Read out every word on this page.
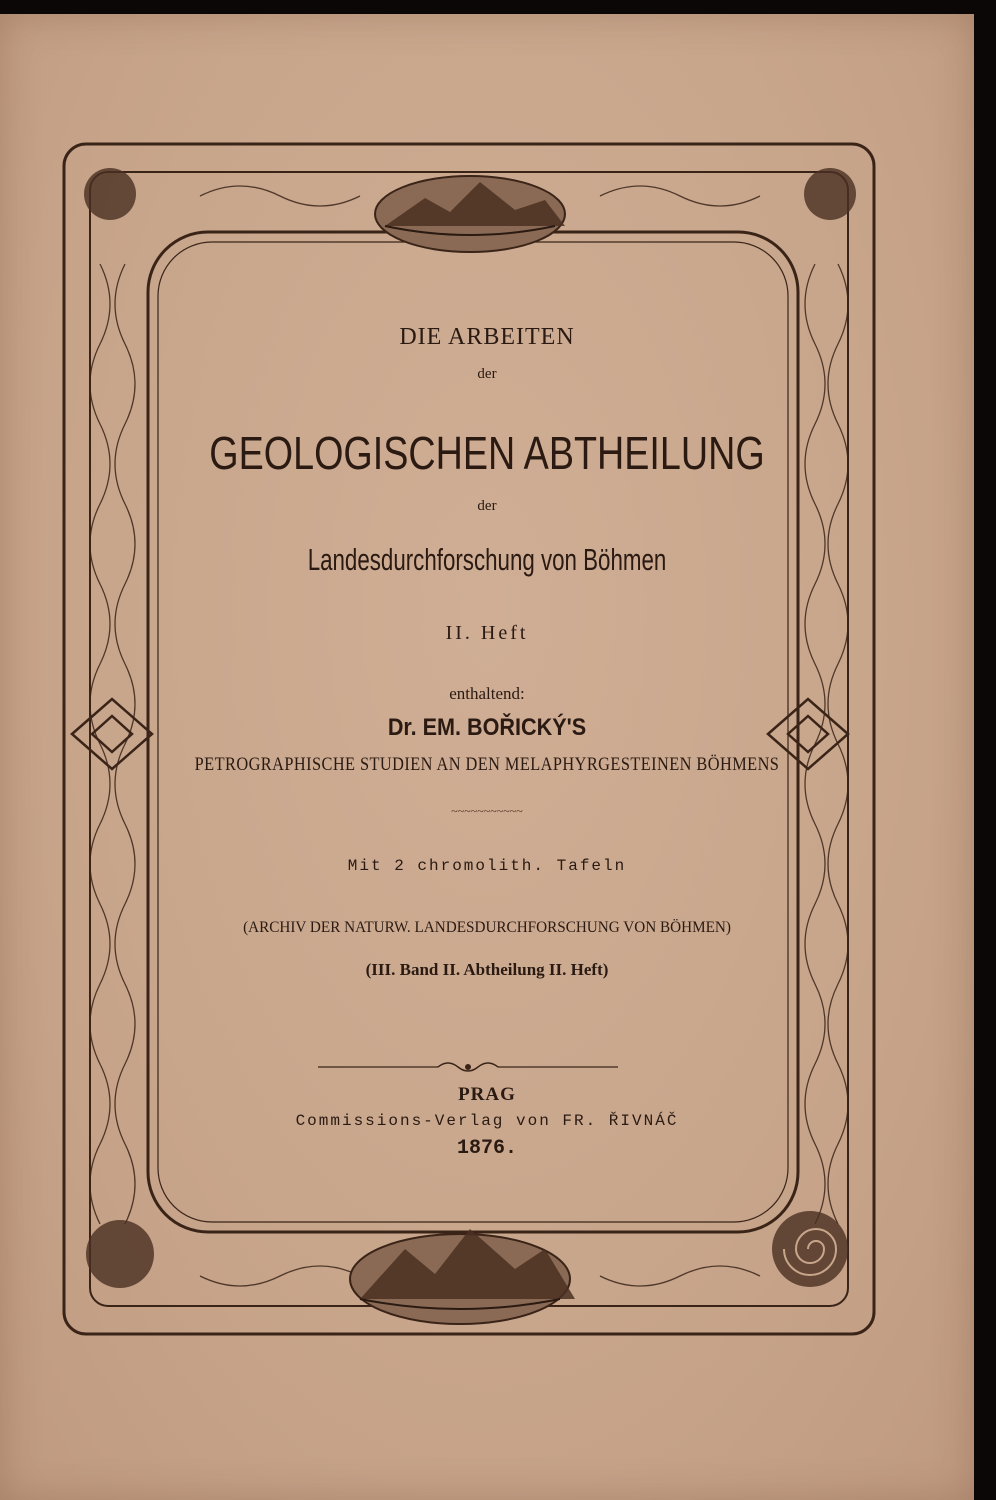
DIE ARBEITEN
der
GEOLOGISCHEN ABTHEILUNG
der
Landesdurchforschung von Böhmen
II. Heft
enthaltend:
Dr. EM. BOŘICKÝ'S
PETROGRAPHISCHE STUDIEN AN DEN MELAPHYRGESTEINEN BÖHMENS
~~~~~~~~~~~
Mit 2 chromolith. Tafeln
(ARCHIV DER NATURW. LANDESDURCHFORSCHUNG VON BÖHMEN)
(III. Band II. Abtheilung II. Heft)
PRAG
Commissions-Verlag von FR. ŘIVNÁČ
1876.
